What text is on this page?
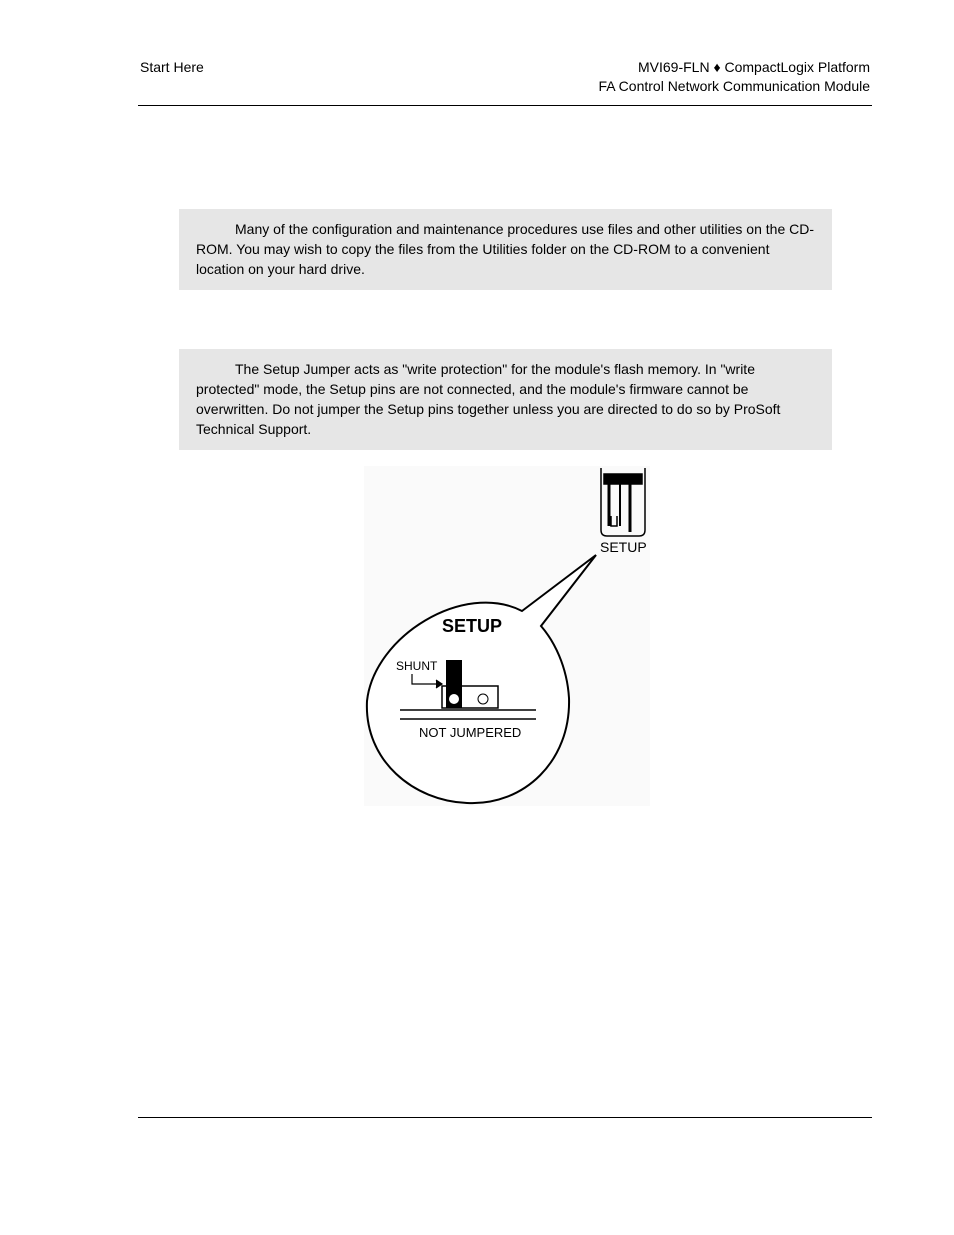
Start Here	MVI69-FLN ♦ CompactLogix Platform
FA Control Network Communication Module
Many of the configuration and maintenance procedures use files and other utilities on the CD-ROM. You may wish to copy the files from the Utilities folder on the CD-ROM to a convenient location on your hard drive.
The Setup Jumper acts as "write protection" for the module's flash memory. In "write protected" mode, the Setup pins are not connected, and the module's firmware cannot be overwritten. Do not jumper the Setup pins together unless you are directed to do so by ProSoft Technical Support.
SETUP
SETUP
SHUNT
NOT JUMPERED
